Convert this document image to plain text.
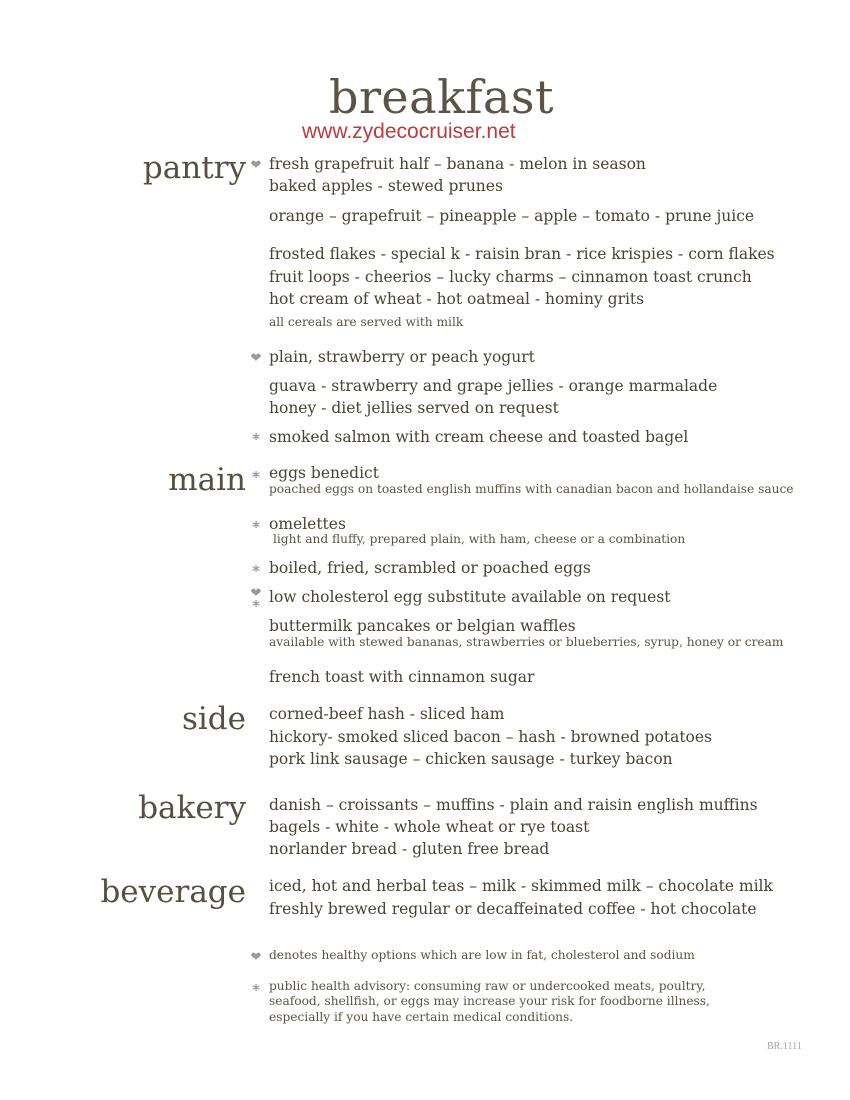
breakfast
www.zydecocruiser.net
pantry
main
side
bakery
beverage
❤ fresh grapefruit half – banana - melon in season
baked apples - stewed prunes
orange – grapefruit – pineapple – apple – tomato - prune juice
frosted flakes - special k - raisin bran - rice krispies - corn flakes
fruit loops - cheerios – lucky charms – cinnamon toast crunch
hot cream of wheat - hot oatmeal - hominy grits
all cereals are served with milk
❤ plain, strawberry or peach yogurt
guava - strawberry and grape jellies - orange marmalade
honey - diet jellies served on request
* smoked salmon with cream cheese and toasted bagel
* eggs benedict
poached eggs on toasted english muffins with canadian bacon and hollandaise sauce
* omelettes
light and fluffy, prepared plain, with ham, cheese or a combination
* boiled, fried, scrambled or poached eggs
❤
* low cholesterol egg substitute available on request
buttermilk pancakes or belgian waffles
available with stewed bananas, strawberries or blueberries, syrup, honey or cream
french toast with cinnamon sugar
corned-beef hash - sliced ham
hickory- smoked sliced bacon – hash - browned potatoes
pork link sausage – chicken sausage - turkey bacon
danish – croissants – muffins - plain and raisin english muffins
bagels - white - whole wheat or rye toast
norlander bread - gluten free bread
iced, hot and herbal teas – milk - skimmed milk – chocolate milk
freshly brewed regular or decaffeinated coffee - hot chocolate
❤ denotes healthy options which are low in fat, cholesterol and sodium
* public health advisory: consuming raw or undercooked meats, poultry,
seafood, shellfish, or eggs may increase your risk for foodborne illness,
especially if you have certain medical conditions.
BR.1111
